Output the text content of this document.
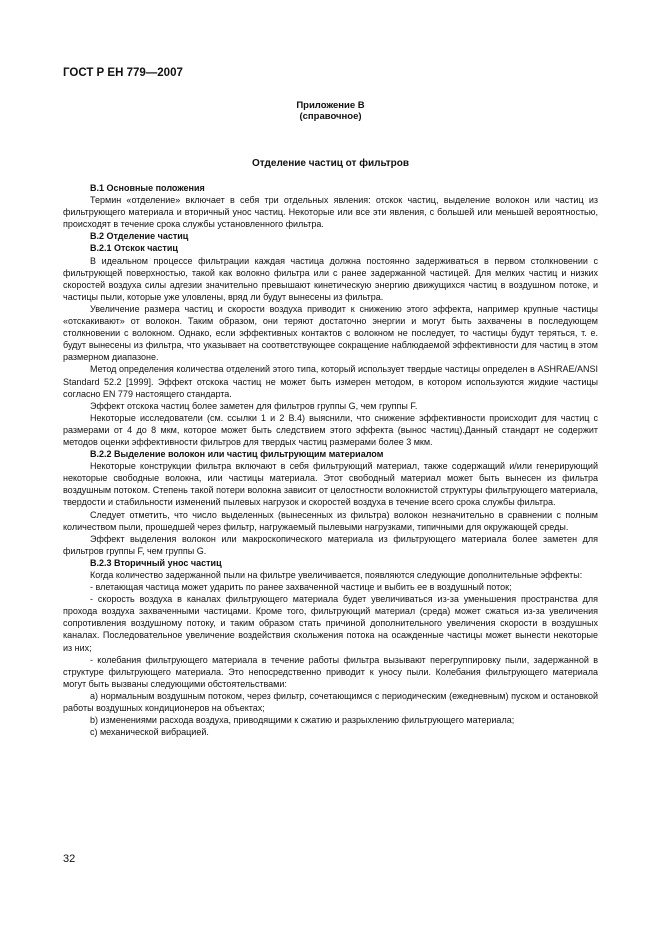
ГОСТ Р ЕН 779—2007
Приложение В
(справочное)
Отделение частиц от фильтров

В.1 Основные положения

Термин «отделение» включает в себя три отдельных явления: отскок частиц, выделение волокон или частиц из фильтрующего материала и вторичный унос частиц. Некоторые или все эти явления, с большей или меньшей вероятностью, происходят в течение срока службы установленного фильтра.

В.2 Отделение частиц

В.2.1 Отскок частиц

В идеальном процессе фильтрации каждая частица должна постоянно задерживаться в первом столкновении с фильтрующей поверхностью, такой как волокно фильтра или с ранее задержанной частицей. Для мелких частиц и низких скоростей воздуха силы адгезии значительно превышают кинетическую энергию движущихся частиц в воздушном потоке, и частицы пыли, которые уже уловлены, вряд ли будут вынесены из фильтра.

Увеличение размера частиц и скорости воздуха приводит к снижению этого эффекта, например крупные частицы «отскакивают» от волокон. Таким образом, они теряют достаточно энергии и могут быть захвачены в последующем столкновении с волокном. Однако, если эффективных контактов с волокном не последует, то частицы будут теряться, т. е. будут вынесены из фильтра, что указывает на соответствующее сокращение наблюдаемой эффективности для частиц в этом размерном диапазоне.

Метод определения количества отделений этого типа, который использует твердые частицы определен в ASHRAE/ANSI Standard 52.2 [1999]. Эффект отскока частиц не может быть измерен методом, в котором используются жидкие частицы согласно EN 779 настоящего стандарта.

Эффект отскока частиц более заметен для фильтров группы G, чем группы F.

Некоторые исследователи (см. ссылки 1 и 2 В.4) выяснили, что снижение эффективности происходит для частиц с размерами от 4 до 8 мкм, которое может быть следствием этого эффекта (вынос частиц).Данный стандарт не содержит методов оценки эффективности фильтров для твердых частиц размерами более 3 мкм.

В.2.2 Выделение волокон или частиц фильтрующим материалом

Некоторые конструкции фильтра включают в себя фильтрующий материал, также содержащий и/или генерирующий некоторые свободные волокна, или частицы материала. Этот свободный материал может быть вынесен из фильтра воздушным потоком. Степень такой потери волокна зависит от целостности волокнистой структуры фильтрующего материала, твердости и стабильности изменений пылевых нагрузок и скоростей воздуха в течение всего срока службы фильтра.

Следует отметить, что число выделенных (вынесенных из фильтра) волокон незначительно в сравнении с полным количеством пыли, прошедшей через фильтр, нагружаемый пылевыми нагрузками, типичными для окружающей среды.

Эффект выделения волокон или макроскопического материала из фильтрующего материала более заметен для фильтров группы F, чем группы G.

В.2.3 Вторичный унос частиц

Когда количество задержанной пыли на фильтре увеличивается, появляются следующие дополнительные эффекты:

- влетающая частица может ударить по ранее захваченной частице и выбить ее в воздушный поток;

- скорость воздуха в каналах фильтрующего материала будет увеличиваться из-за уменьшения пространства для прохода воздуха захваченными частицами. Кроме того, фильтрующий материал (среда) может сжаться из-за увеличения сопротивления воздушному потоку, и таким образом стать причиной дополнительного увеличения скорости в воздушных каналах. Последовательное увеличение воздействия скольжения потока на осажденные частицы может вынести некоторые из них;

- колебания фильтрующего материала в течение работы фильтра вызывают перегруппировку пыли, задержанной в структуре фильтрующего материала. Это непосредственно приводит к уносу пыли. Колебания фильтрующего материала могут быть вызваны следующими обстоятельствами:

a) нормальным воздушным потоком, через фильтр, сочетающимся с периодическим (ежедневным) пуском и остановкой работы воздушных кондиционеров на объектах;

b) изменениями расхода воздуха, приводящими к сжатию и разрыхлению фильтрующего материала;

c) механической вибрацией.

32
